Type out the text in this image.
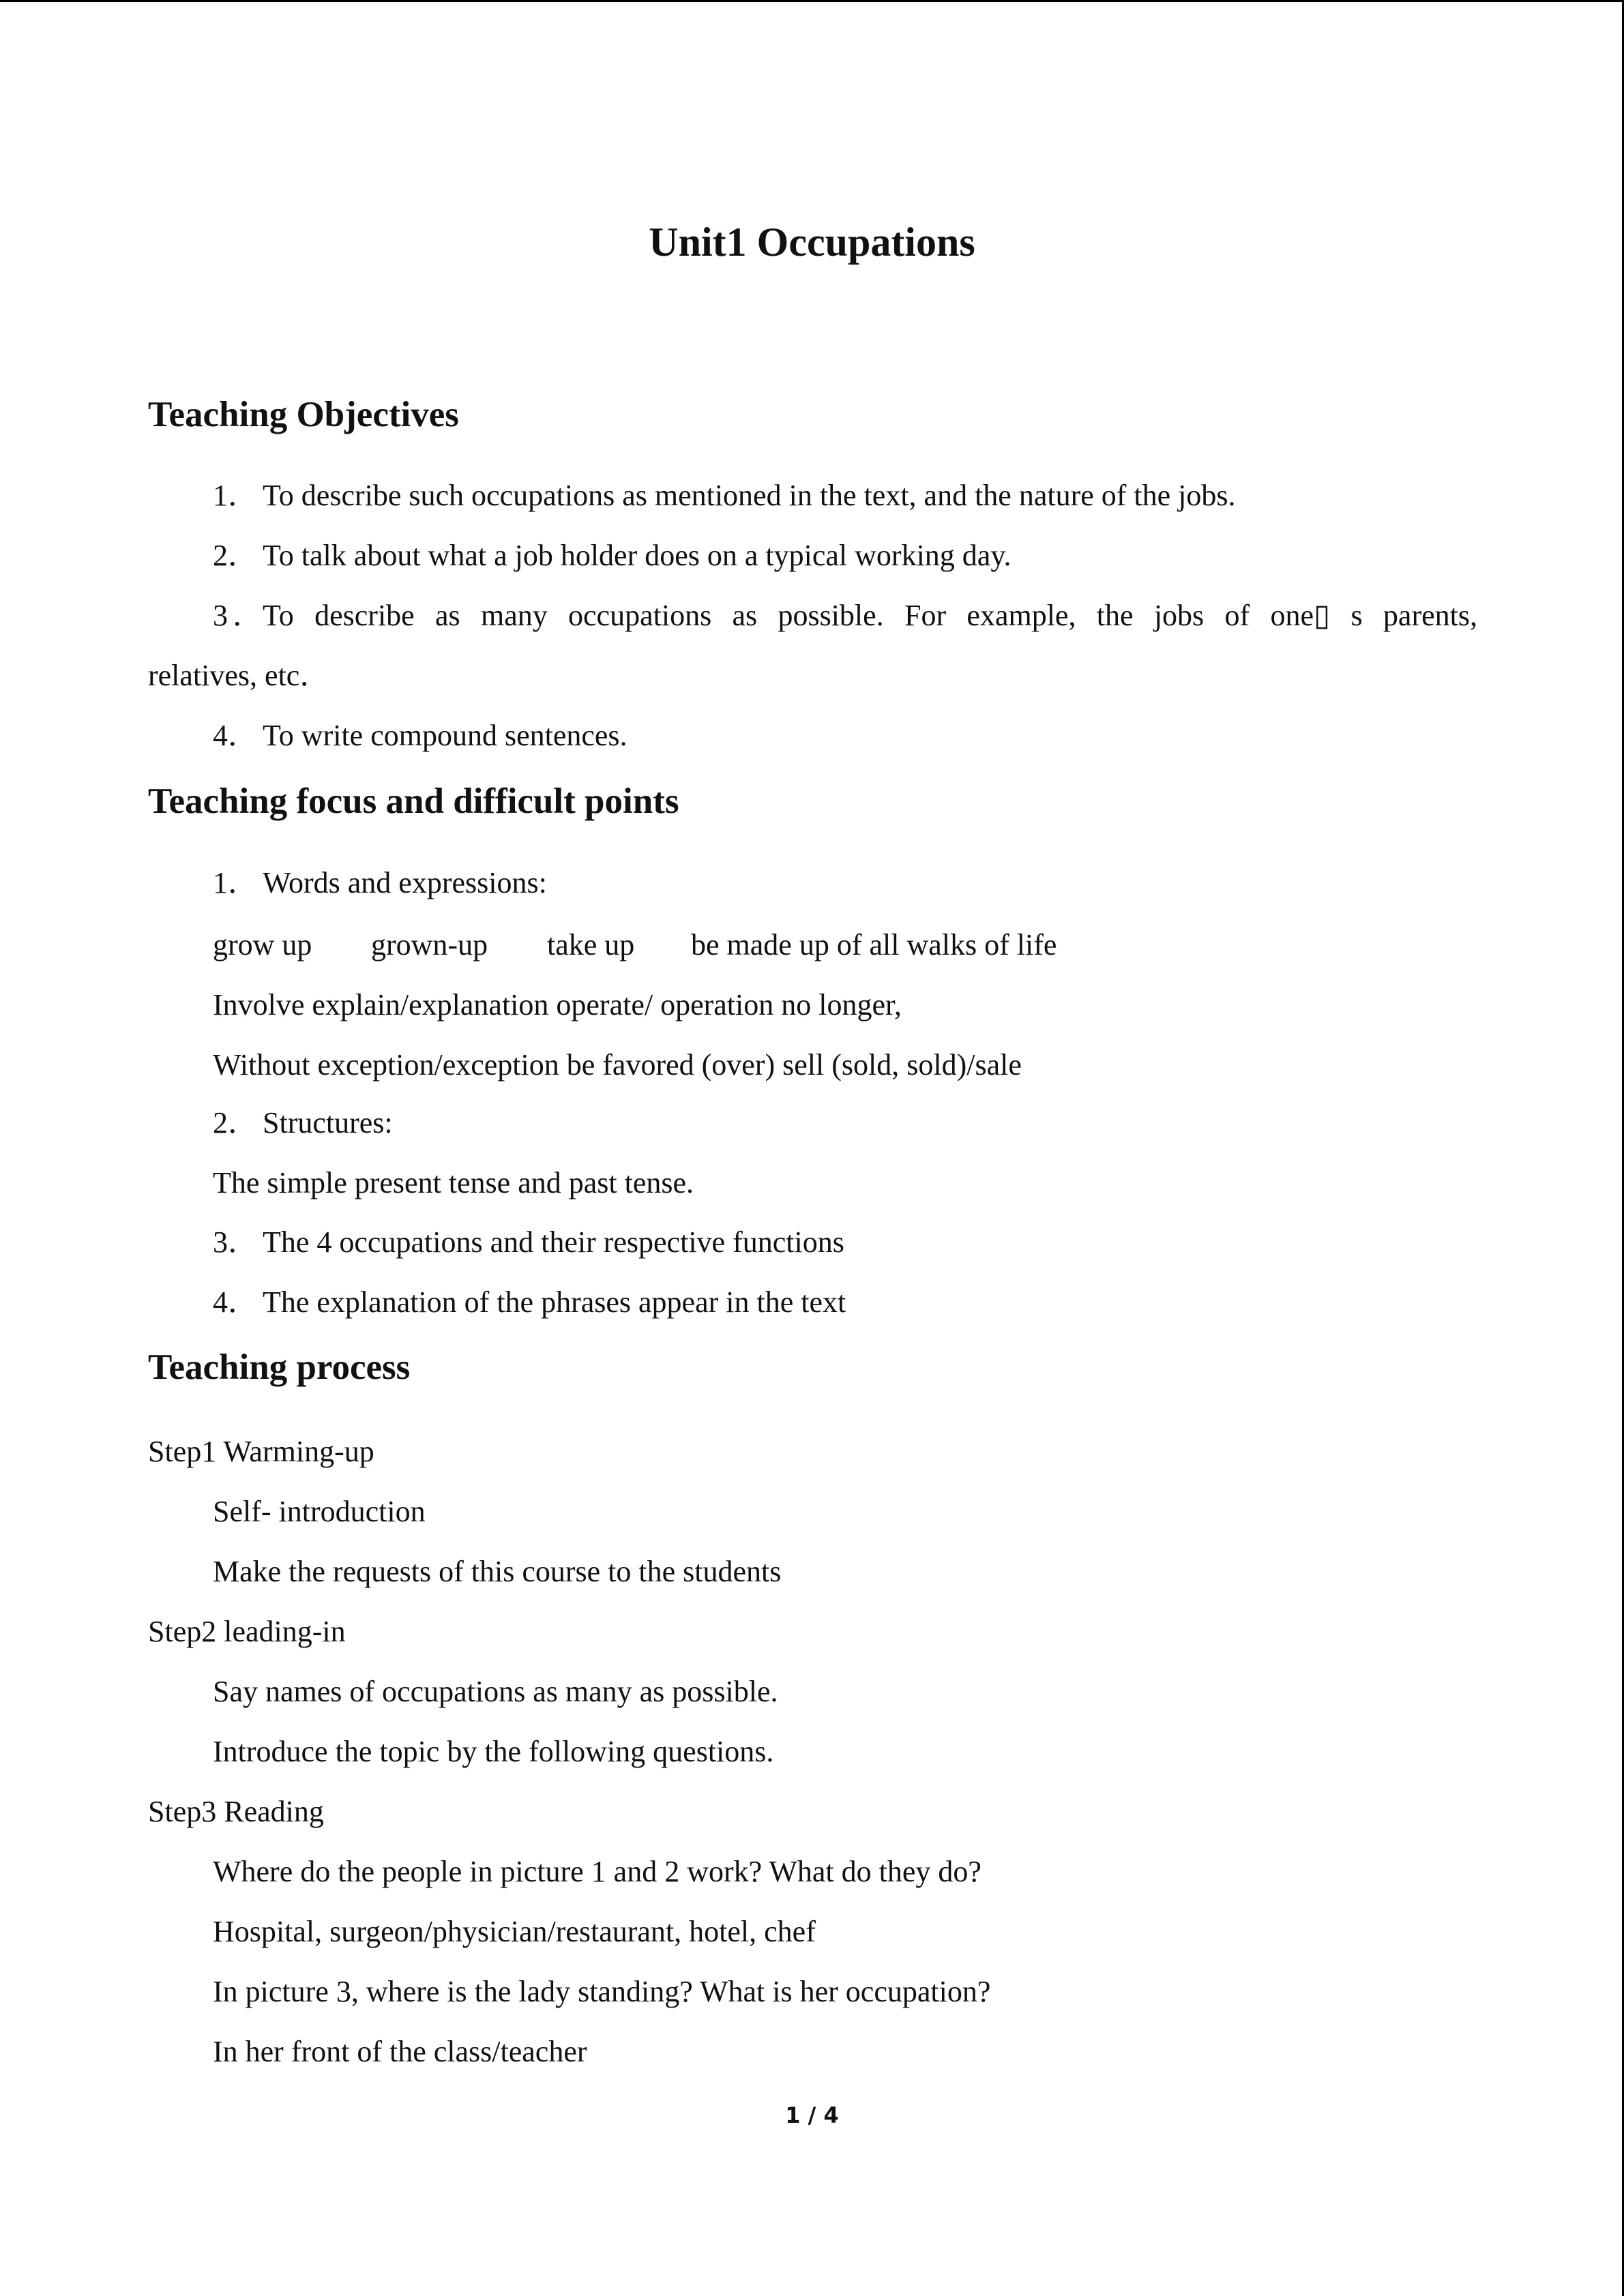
Unit1 Occupations
Teaching Objectives
1． To describe such occupations as mentioned in the text, and the nature of the jobs.
2． To talk about what a job holder does on a typical working day.
3．To describe as many occupations as possible. For example, the jobs of one▯ s parents,
relatives, etc．
4． To write compound sentences.
Teaching focus and difficult points
1． Words and expressions:
grow up grown-up take up be made up of all walks of life
Involve explain/explanation operate/ operation no longer,
Without exception/exception be favored (over) sell (sold, sold)/sale
2． Structures:
The simple present tense and past tense.
3． The 4 occupations and their respective functions
4． The explanation of the phrases appear in the text
Teaching process
Step1 Warming-up
Self- introduction
Make the requests of this course to the students
Step2 leading-in
Say names of occupations as many as possible.
Introduce the topic by the following questions.
Step3 Reading
Where do the people in picture 1 and 2 work? What do they do?
Hospital, surgeon/physician/restaurant, hotel, chef
In picture 3, where is the lady standing? What is her occupation?
In her front of the class/teacher
1 / 4
